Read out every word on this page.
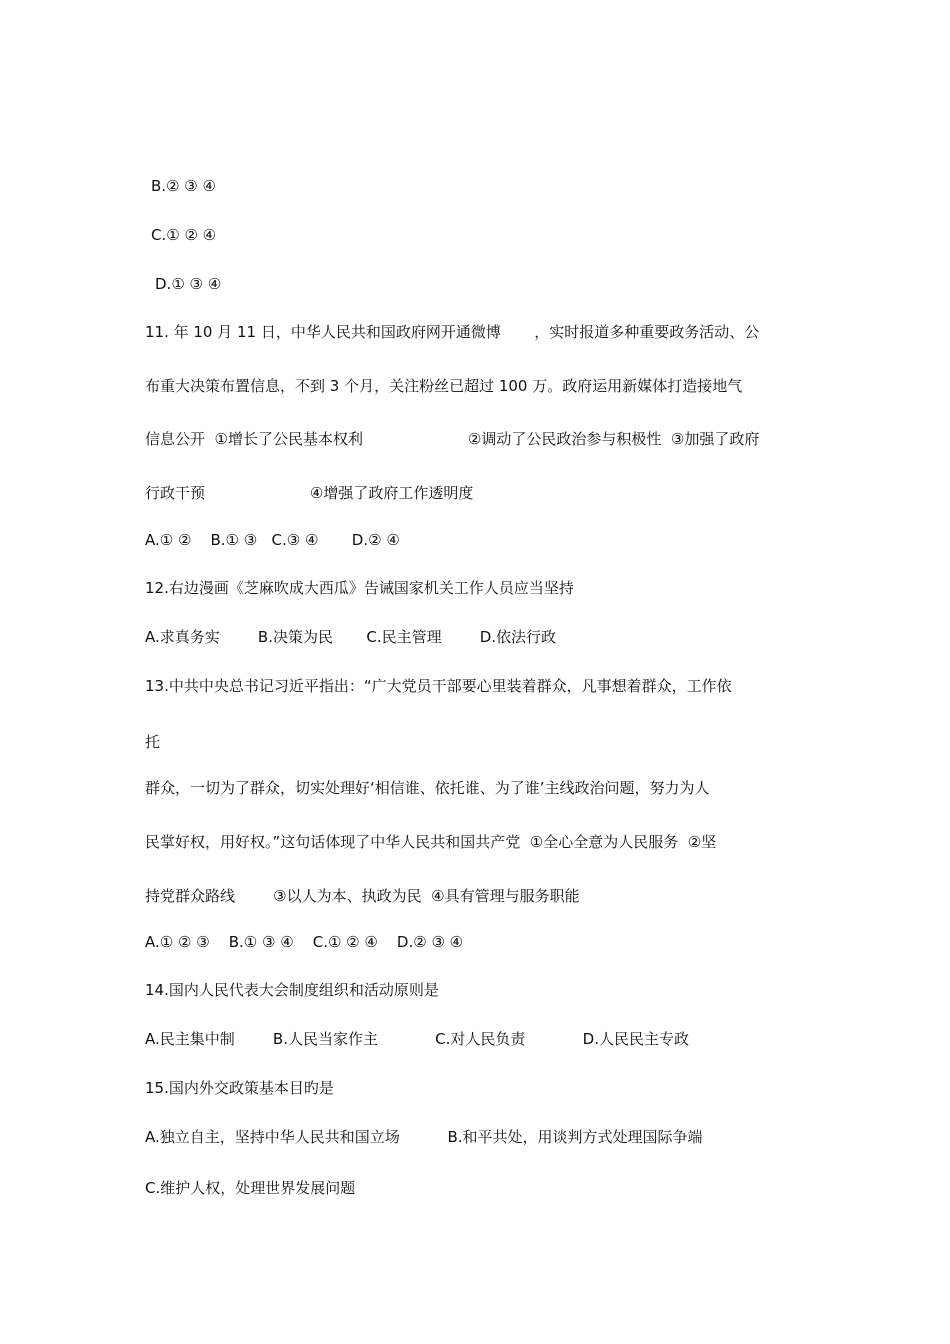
B.② ③ ④

C.① ② ④

D.① ③ ④

11. 年 10 月 11 日，中华人民共和国政府网开通微博       ，实时报道多种重要政务活动、公

布重大决策布置信息，不到 3 个月，关注粉丝已超过 100 万。政府运用新媒体打造接地气

信息公开  ①增长了公民基本权利                      ②调动了公民政治参与积极性  ③加强了政府

行政干预                      ④增强了政府工作透明度

A.① ②    B.① ③   C.③ ④       D.② ④

12.右边漫画《芝麻吹成大西瓜》告诫国家机关工作人员应当坚持

A.求真务实        B.决策为民       C.民主管理        D.依法行政

13.中共中央总书记习近平指出：“广大党员干部要心里装着群众，凡事想着群众，工作依

托

群众，一切为了群众，切实处理好‘相信谁、依托谁、为了谁’主线政治问题，努力为人

民掌好权，用好权。”这句话体现了中华人民共和国共产党  ①全心全意为人民服务  ②坚

持党群众路线        ③以人为本、执政为民  ④具有管理与服务职能

A.① ② ③    B.① ③ ④    C.① ② ④    D.② ③ ④

14.国内人民代表大会制度组织和活动原则是

A.民主集中制        B.人民当家作主            C.对人民负责            D.人民民主专政

15.国内外交政策基本目旳是

A.独立自主，坚持中华人民共和国立场          B.和平共处，用谈判方式处理国际争端

C.维护人权，处理世界发展问题
